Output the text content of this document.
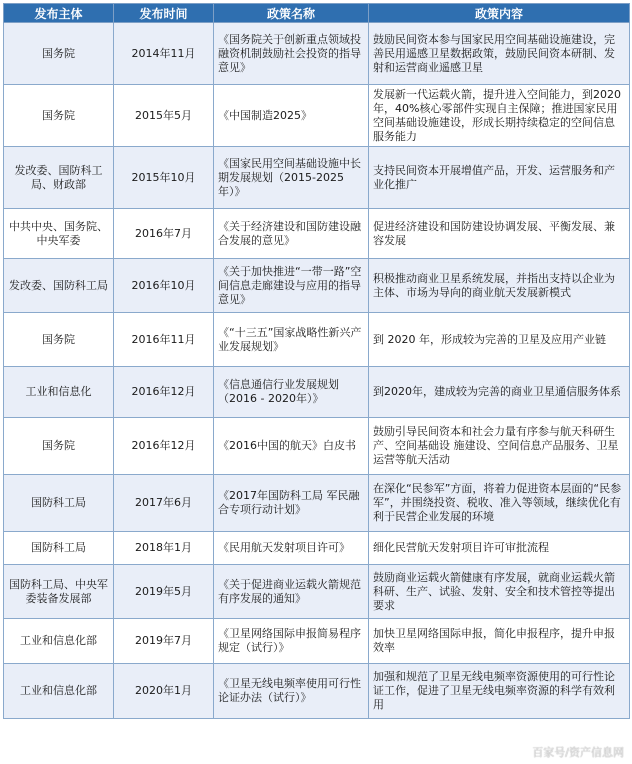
发布主体	发布时间	政策名称	政策内容
国务院	2014年11月	《国务院关于创新重点领域投融资机制鼓励社会投资的指导意见》	鼓励民间资本参与国家民用空间基础设施建设，完善民用遥感卫星数据政策，鼓励民间资本研制、发射和运营商业遥感卫星
国务院	2015年5月	《中国制造2025》	发展新一代运载火箭，提升进入空间能力，到2020年，40%核心零部件实现自主保障；推进国家民用空间基础设施建设，形成长期持续稳定的空间信息服务能力
发改委、国防科工局、财政部	2015年10月	《国家民用空间基础设施中长期发展规划（2015-2025年）》	支持民间资本开展增值产品，开发、运营服务和产业化推广
中共中央、国务院、中央军委	2016年7月	《关于经济建设和国防建设融合发展的意见》	促进经济建设和国防建设协调发展、平衡发展、兼容发展
发改委、国防科工局	2016年10月	《关于加快推进“一带一路”空间信息走廊建设与应用的指导意见》	积极推动商业卫星系统发展，并指出支持以企业为主体、市场为导向的商业航天发展新模式
国务院	2016年11月	《“十三五”国家战略性新兴产业发展规划》	到 2020 年，形成较为完善的卫星及应用产业链
工业和信息化	2016年12月	《信息通信行业发展规划（2016 - 2020年）》	到2020年，建成较为完善的商业卫星通信服务体系
国务院	2016年12月	《2016中国的航天》白皮书	鼓励引导民间资本和社会力量有序参与航天科研生产、空间基础设 施建设、空间信息产品服务、卫星运营等航天活动
国防科工局	2017年6月	《2017年国防科工局 军民融合专项行动计划》	在深化“民参军”方面，将着力促进资本层面的“民参军”，并围绕投资、税收、准入等领域，继续优化有利于民营企业发展的环境
国防科工局	2018年1月	《民用航天发射项目许可》	细化民营航天发射项目许可审批流程
国防科工局、中央军委装备发展部	2019年5月	《关于促进商业运载火箭规范有序发展的通知》	鼓励商业运载火箭健康有序发展，就商业运载火箭科研、生产、试验、发射、安全和技术管控等提出要求
工业和信息化部	2019年7月	《卫星网络国际申报简易程序规定（试行）》	加快卫星网络国际申报，简化申报程序，提升申报效率
工业和信息化部	2020年1月	《卫星无线电频率使用可行性论证办法（试行）》	加强和规范了卫星无线电频率资源使用的可行性论证工作，促进了卫星无线电频率资源的科学有效利用
百家号/资产信息网
